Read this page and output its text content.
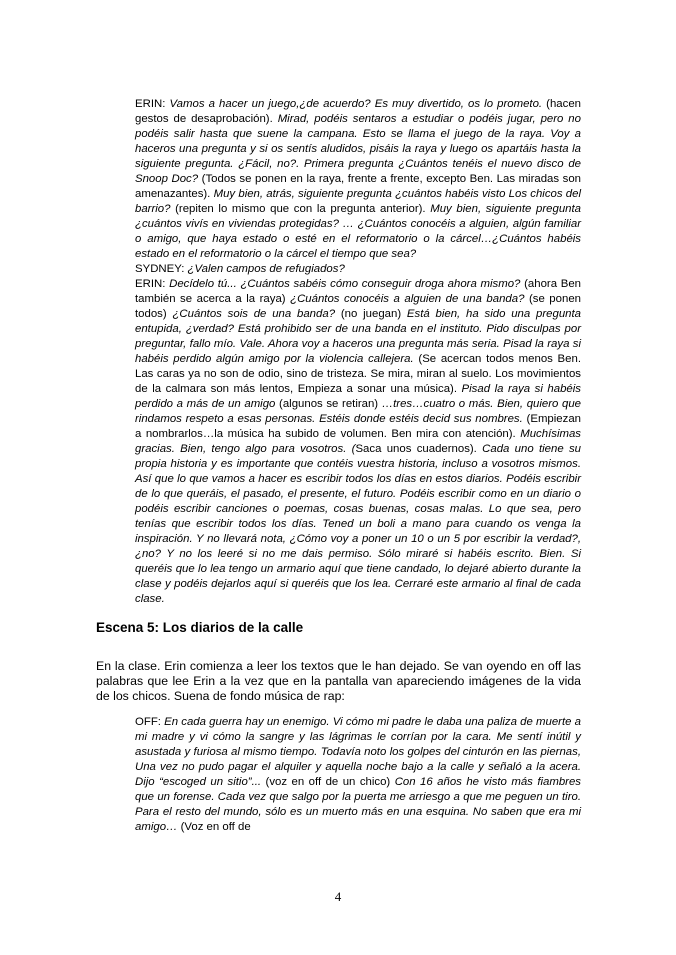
ERIN: Vamos a hacer un juego,¿de acuerdo? Es muy divertido, os lo prometo. (hacen gestos de desaprobación). Mirad, podéis sentaros a estudiar o podéis jugar, pero no podéis salir hasta que suene la campana. Esto se llama el juego de la raya. Voy a haceros una pregunta y si os sentís aludidos, pisáis la raya y luego os apartáis hasta la siguiente pregunta. ¿Fácil, no?. Primera pregunta ¿Cuántos tenéis el nuevo disco de Snoop Doc? (Todos se ponen en la raya, frente a frente, excepto Ben. Las miradas son amenazantes). Muy bien, atrás, siguiente pregunta ¿cuántos habéis visto Los chicos del barrio? (repiten lo mismo que con la pregunta anterior). Muy bien, siguiente pregunta ¿cuántos vivís en viviendas protegidas? … ¿Cuántos conocéis a alguien, algún familiar o amigo, que haya estado o esté en el reformatorio o la cárcel…¿Cuántos habéis estado en el reformatorio o la cárcel el tiempo que sea?

SYDNEY: ¿Valen campos de refugiados?

ERIN: Decídelo tú... ¿Cuántos sabéis cómo conseguir droga ahora mismo? (ahora Ben también se acerca a la raya) ¿Cuántos conocéis a alguien de una banda? (se ponen todos) ¿Cuántos sois de una banda? (no juegan) Está bien, ha sido una pregunta entupida, ¿verdad? Está prohibido ser de una banda en el instituto. Pido disculpas por preguntar, fallo mío. Vale. Ahora voy a haceros una pregunta más seria. Pisad la raya si habéis perdido algún amigo por la violencia callejera. (Se acercan todos menos Ben. Las caras ya no son de odio, sino de tristeza. Se mira, miran al suelo. Los movimientos de la calmara son más lentos, Empieza a sonar una música). Pisad la raya si habéis perdido a más de un amigo (algunos se retiran) …tres…cuatro o más. Bien, quiero que rindamos respeto a esas personas. Estéis donde estéis decid sus nombres. (Empiezan a nombrarlos…la música ha subido de volumen. Ben mira con atención). Muchísimas gracias. Bien, tengo algo para vosotros. (Saca unos cuadernos). Cada uno tiene su propia historia y es importante que contéis vuestra historia, incluso a vosotros mismos. Así que lo que vamos a hacer es escribir todos los días en estos diarios. Podéis escribir de lo que queráis, el pasado, el presente, el futuro. Podéis escribir como en un diario o podéis escribir canciones o poemas, cosas buenas, cosas malas. Lo que sea, pero tenías que escribir todos los días. Tened un boli a mano para cuando os venga la inspiración. Y no llevará nota, ¿Cómo voy a poner un 10 o un 5 por escribir la verdad?, ¿no? Y no los leeré si no me dais permiso. Sólo miraré si habéis escrito. Bien. Si queréis que lo lea tengo un armario aquí que tiene candado, lo dejaré abierto durante la clase y podéis dejarlos aquí si queréis que los lea. Cerraré este armario al final de cada clase.

Escena 5: Los diarios de la calle

En la clase. Erin comienza a leer los textos que le han dejado. Se van oyendo en off las palabras que lee Erin a la vez que en la pantalla van apareciendo imágenes de la vida de los chicos. Suena de fondo música de rap:

OFF: En cada guerra hay un enemigo. Vi cómo mi padre le daba una paliza de muerte a mi madre y vi cómo la sangre y las lágrimas le corrían por la cara. Me sentí inútil y asustada y furiosa al mismo tiempo. Todavía noto los golpes del cinturón en las piernas, Una vez no pudo pagar el alquiler y aquella noche bajo a la calle y señaló a la acera. Dijo “escoged un sitio”... (voz en off de un chico) Con 16 años he visto más fiambres que un forense. Cada vez que salgo por la puerta me arriesgo a que me peguen un tiro. Para el resto del mundo, sólo es un muerto más en una esquina. No saben que era mi amigo… (Voz en off de

4
